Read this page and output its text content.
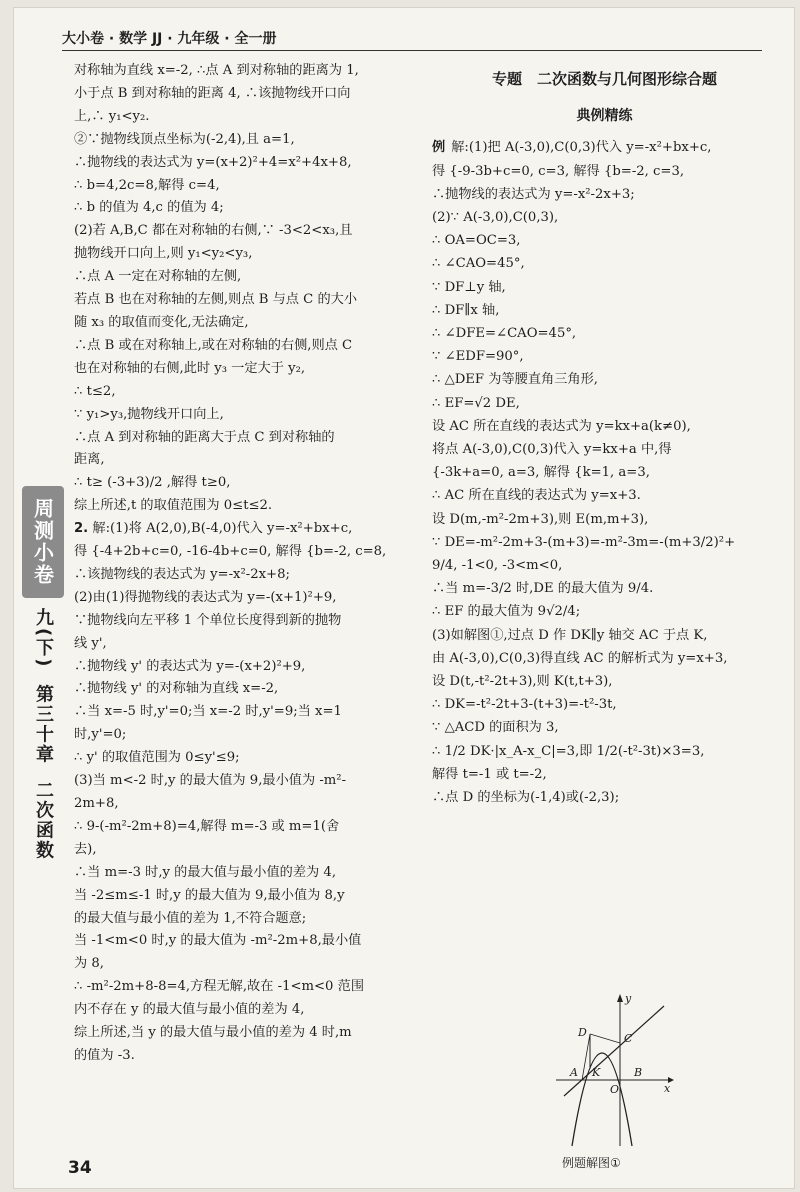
大小卷 · 数学 JJ · 九年级 · 全一册
对称轴为直线 x=-2, ∴点 A 到对称轴的距离为 1,
小于点 B 到对称轴的距离 4, ∴该抛物线开口向
上,∴ y₁<y₂.
②∵抛物线顶点坐标为(-2,4),且 a=1,
∴抛物线的表达式为 y=(x+2)²+4=x²+4x+8,
∴ b=4,2c=8,解得 c=4,
∴ b 的值为 4,c 的值为 4;
(2)若 A,B,C 都在对称轴的右侧,∵ -3<2<x₃,且
抛物线开口向上,则 y₁<y₂<y₃,
∴点 A 一定在对称轴的左侧,
若点 B 也在对称轴的左侧,则点 B 与点 C 的大小
随 x₃ 的取值而变化,无法确定,
∴点 B 或在对称轴上,或在对称轴的右侧,则点 C
也在对称轴的右侧,此时 y₃ 一定大于 y₂,
∴ t≤2,
∵ y₁>y₃,抛物线开口向上,
∴点 A 到对称轴的距离大于点 C 到对称轴的
距离,
∴ t≥ (-3+3)/2 ,解得 t≥0,
综上所述,t 的取值范围为 0≤t≤2.
2. 解:(1)将 A(2,0),B(-4,0)代入 y=-x²+bx+c,
得 {-4+2b+c=0, -16-4b+c=0, 解得 {b=-2, c=8,
∴该抛物线的表达式为 y=-x²-2x+8;
(2)由(1)得抛物线的表达式为 y=-(x+1)²+9,
∵抛物线向左平移 1 个单位长度得到新的抛物
线 y',
∴抛物线 y' 的表达式为 y=-(x+2)²+9,
∴抛物线 y' 的对称轴为直线 x=-2,
∴当 x=-5 时,y'=0;当 x=-2 时,y'=9;当 x=1
时,y'=0;
∴ y' 的取值范围为 0≤y'≤9;
(3)当 m<-2 时,y 的最大值为 9,最小值为 -m²-
2m+8,
∴ 9-(-m²-2m+8)=4,解得 m=-3 或 m=1(舍
去),
∴当 m=-3 时,y 的最大值与最小值的差为 4,
当 -2≤m≤-1 时,y 的最大值为 9,最小值为 8,y
的最大值与最小值的差为 1,不符合题意;
当 -1<m<0 时,y 的最大值为 -m²-2m+8,最小值
为 8,
∴ -m²-2m+8-8=4,方程无解,故在 -1<m<0 范围
内不存在 y 的最大值与最小值的差为 4,
综上所述,当 y 的最大值与最小值的差为 4 时,m
的值为 -3.
专题　二次函数与几何图形综合题
典例精练
例 解:(1)把 A(-3,0),C(0,3)代入 y=-x²+bx+c,
得 {-9-3b+c=0, c=3, 解得 {b=-2, c=3,
∴抛物线的表达式为 y=-x²-2x+3;
(2)∵ A(-3,0),C(0,3),
∴ OA=OC=3,
∴ ∠CAO=45°,
∵ DF⊥y 轴,
∴ DF∥x 轴,
∴ ∠DFE=∠CAO=45°,
∵ ∠EDF=90°,
∴ △DEF 为等腰直角三角形,
∴ EF=√2 DE,
设 AC 所在直线的表达式为 y=kx+a(k≠0),
将点 A(-3,0),C(0,3)代入 y=kx+a 中,得
{-3k+a=0, a=3, 解得 {k=1, a=3,
∴ AC 所在直线的表达式为 y=x+3.
设 D(m,-m²-2m+3),则 E(m,m+3),
∵ DE=-m²-2m+3-(m+3)=-m²-3m=-(m+3/2)²+
9/4, -1<0, -3<m<0,
∴当 m=-3/2 时,DE 的最大值为 9/4.
∴ EF 的最大值为 9√2/4;
(3)如解图①,过点 D 作 DK∥y 轴交 AC 于点 K,
由 A(-3,0),C(0,3)得直线 AC 的解析式为 y=x+3,
设 D(t,-t²-2t+3),则 K(t,t+3),
∴ DK=-t²-2t+3-(t+3)=-t²-3t,
∵ △ACD 的面积为 3,
∴ 1/2 DK·|x_A-x_C|=3,即 1/2(-t²-3t)×3=3,
解得 t=-1 或 t=-2,
∴点 D 的坐标为(-1,4)或(-2,3);
y
x
D	C
A K
O
B
例题解图①
周测小卷
九(下)第三十章二次函数
34
